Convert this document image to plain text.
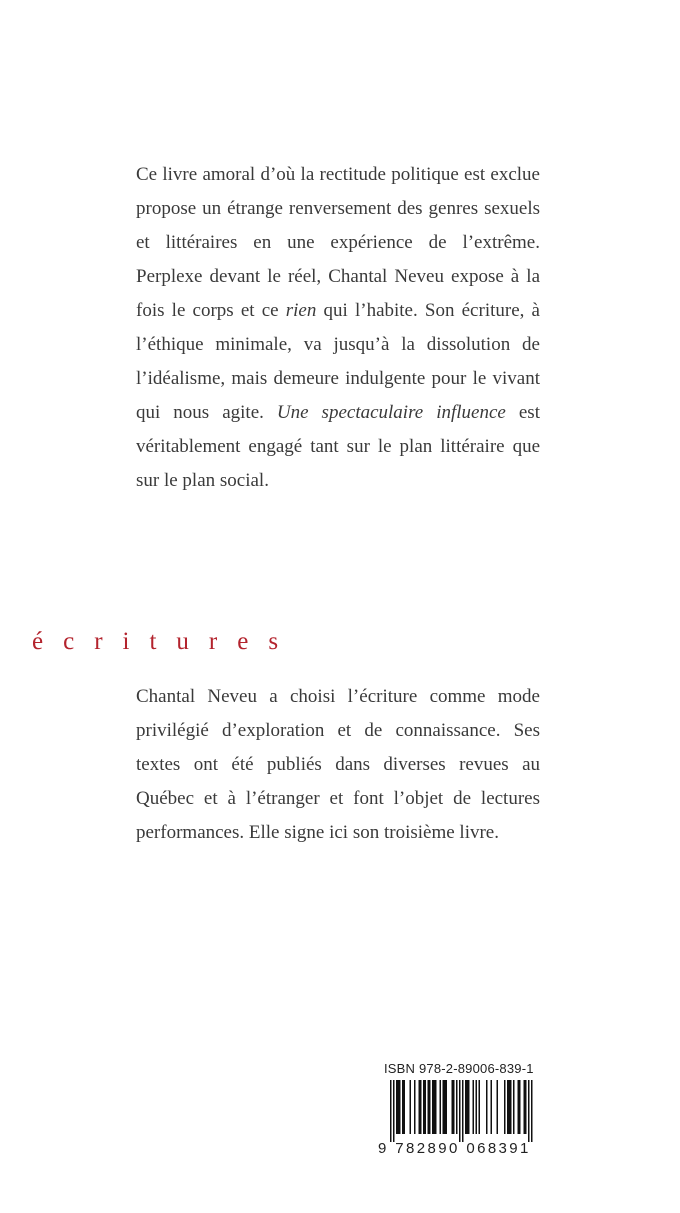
Ce livre amoral d’où la rectitude politique est exclue propose un étrange renversement des genres sexuels et littéraires en une expérience de l’extrême. Perplexe devant le réel, Chantal Neveu expose à la fois le corps et ce rien qui l’habite. Son écriture, à l’éthique minimale, va jusqu’à la dissolution de l’idéalisme, mais demeure indulgente pour le vivant qui nous agite. Une spectaculaire influence est véritablement engagé tant sur le plan littéraire que sur le plan social.

écritures

Chantal Neveu a choisi l’écriture comme mode privilégié d’exploration et de connaissance. Ses textes ont été publiés dans diverses revues au Québec et à l’étranger et font l’objet de lectures performances. Elle signe ici son troisième livre.

ISBN 978-2-89006-839-1
9 782890 068391
